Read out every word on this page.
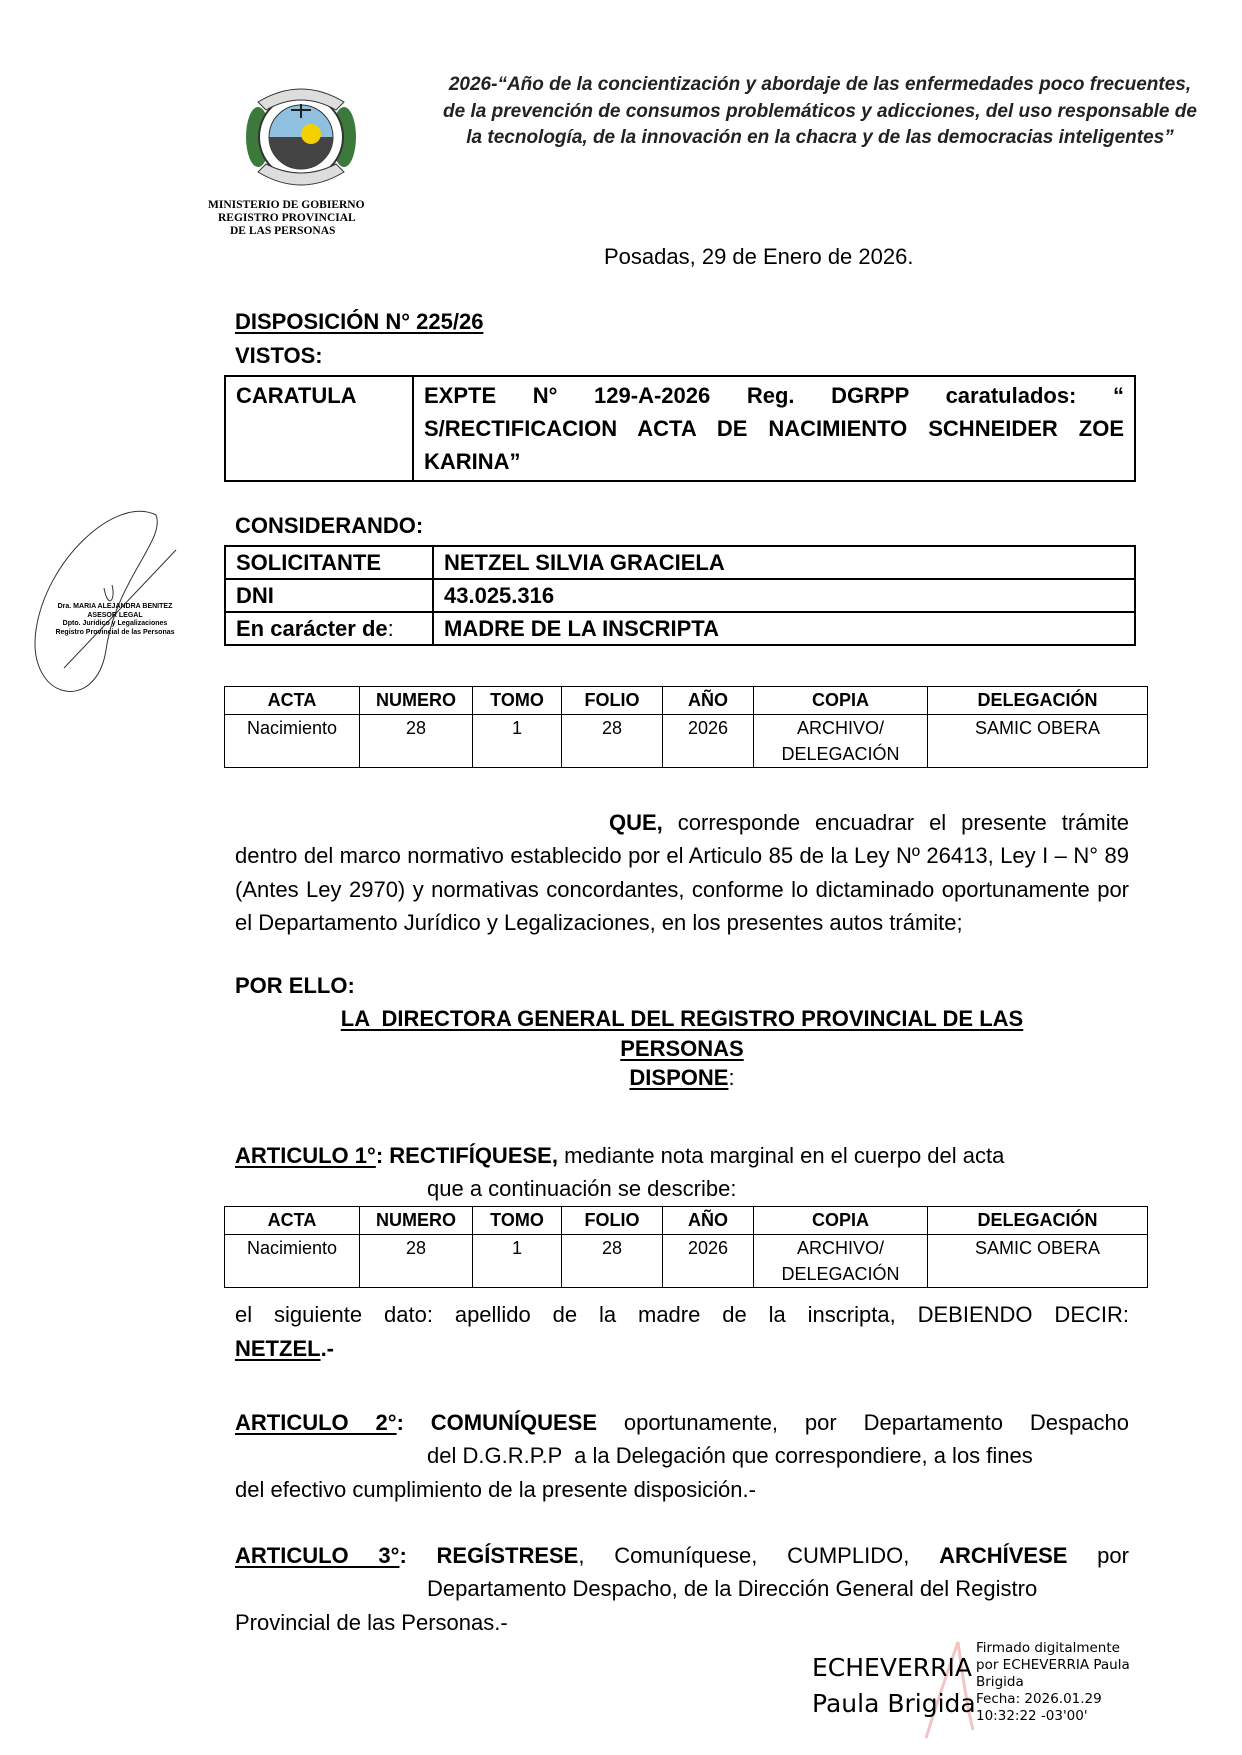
MINISTERIO DE GOBIERNO
REGISTRO PROVINCIAL
DE LAS PERSONAS
2026-“Año de la concientización y abordaje de las enfermedades poco frecuentes, de la prevención de consumos problemáticos y adicciones, del uso responsable de la tecnología, de la innovación en la chacra y de las democracias inteligentes”
Posadas, 29 de Enero de 2026.
DISPOSICIÓN N° 225/26
VISTOS:
CARATULA	EXPTE N° 129-A-2026 Reg. DGRPP caratulados: “ S/RECTIFICACION ACTA DE NACIMIENTO SCHNEIDER ZOE KARINA”
Dra. MARIA ALEJANDRA BENITEZ
ASESOR LEGAL
Dpto. Jurídico y Legalizaciones
Registro Provincial de las Personas
CONSIDERANDO:
SOLICITANTE	NETZEL SILVIA GRACIELA
DNI	43.025.316
En carácter de:	MADRE DE LA INSCRIPTA
ACTA	NUMERO	TOMO	FOLIO	AÑO	COPIA	DELEGACIÓN
Nacimiento	28	1	28	2026	ARCHIVO/ DELEGACIÓN	SAMIC OBERA
QUE, corresponde encuadrar el presente trámite dentro del marco normativo establecido por el Articulo 85 de la Ley Nº 26413, Ley I – N° 89 (Antes Ley 2970) y normativas concordantes, conforme lo dictaminado oportunamente por el Departamento Jurídico y Legalizaciones, en los presentes autos trámite;
POR ELLO:
LA  DIRECTORA GENERAL DEL REGISTRO PROVINCIAL DE LAS
PERSONAS
DISPONE:
ARTICULO 1°: RECTIFÍQUESE, mediante nota marginal en el cuerpo del acta
que a continuación se describe:
ACTA	NUMERO	TOMO	FOLIO	AÑO	COPIA	DELEGACIÓN
Nacimiento	28	1	28	2026	ARCHIVO/ DELEGACIÓN	SAMIC OBERA
el siguiente dato: apellido de la madre de la inscripta, DEBIENDO DECIR:
NETZEL.-
ARTICULO 2°: COMUNÍQUESE oportunamente, por Departamento Despacho
del D.G.R.P.P  a la Delegación que correspondiere, a los fines
del efectivo cumplimiento de la presente disposición.-
ARTICULO 3°: REGÍSTRESE, Comuníquese, CUMPLIDO, ARCHÍVESE por
Departamento Despacho, de la Dirección General del Registro
Provincial de las Personas.-
ECHEVERRIA
Paula Brigida
Firmado digitalmente
por ECHEVERRIA Paula
Brigida
Fecha: 2026.01.29
10:32:22 -03'00'
